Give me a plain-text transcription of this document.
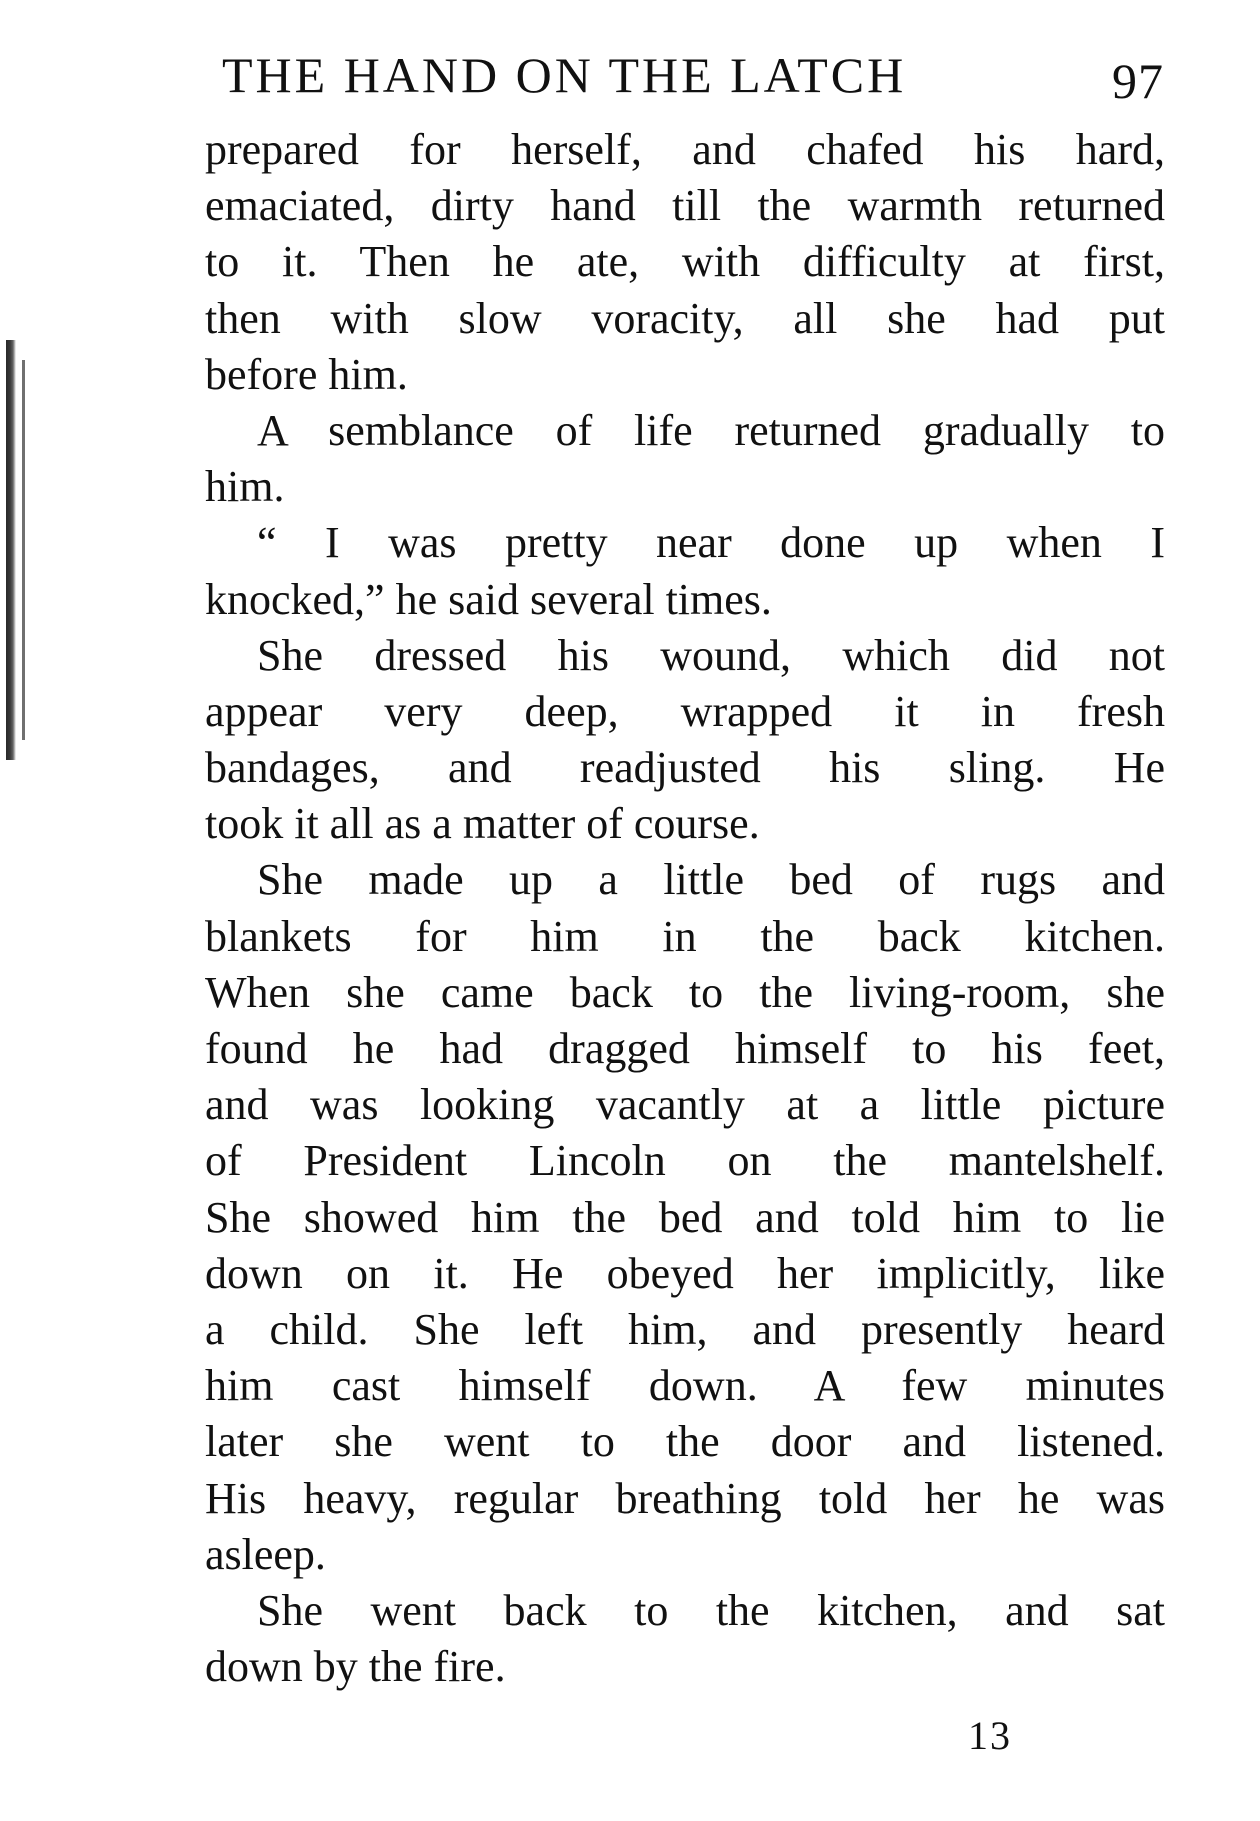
THE HAND ON THE LATCH	97
prepared for herself, and chafed his hard,
emaciated, dirty hand till the warmth returned
to it. Then he ate, with difficulty at first,
then with slow voracity, all she had put
before him.
A semblance of life returned gradually to
him.
“ I was pretty near done up when I
knocked,” he said several times.
She dressed his wound, which did not
appear very deep, wrapped it in fresh
bandages, and readjusted his sling. He
took it all as a matter of course.
She made up a little bed of rugs and
blankets for him in the back kitchen.
When she came back to the living-room, she
found he had dragged himself to his feet,
and was looking vacantly at a little picture
of President Lincoln on the mantelshelf.
She showed him the bed and told him to lie
down on it. He obeyed her implicitly, like
a child. She left him, and presently heard
him cast himself down. A few minutes
later she went to the door and listened.
His heavy, regular breathing told her he was
asleep.
She went back to the kitchen, and sat
down by the fire.
13
